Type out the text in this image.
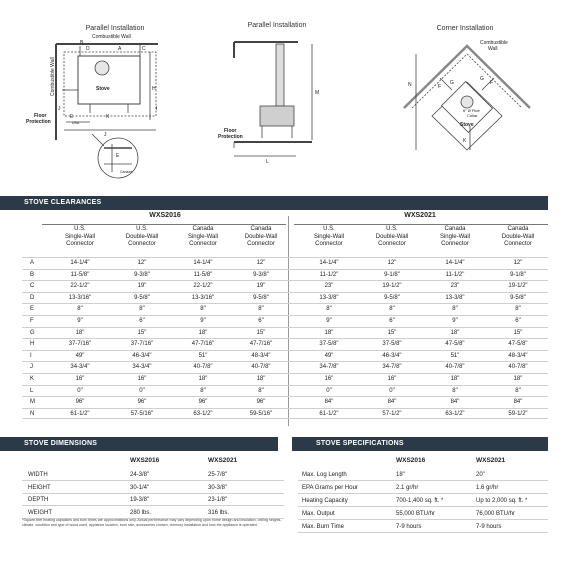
Parallel Installation	Parallel Installation	Corner Installation
Combustible Wall
B
D	A	C
H
E	K
I
J
J
E
Stove
USA
Canada
Floor
Protection
Combustible Wall	M
L
Floor
Protection
Combustible
Wall
N	F
G	F
G
K
6" Ø Flue
Collar
Stove
STOVE CLEARANCES
WXS2016	WXS2021
U.S.
Single-Wall
Connector
U.S.
Double-Wall
Connector
Canada
Single-Wall
Connector
Canada
Double-Wall
Connector
U.S.
Single-Wall
Connector
U.S.
Double-Wall
Connector
Canada
Single-Wall
Connector
Canada
Double-Wall
Connector
A	14-1/4"	12"	14-1/4"	12"	14-1/4"	12"	14-1/4"	12"
B	11-5/8"	9-3/8"	11-5/8"	9-3/8"	11-1/2"	9-1/8"	11-1/2"	9-1/8"
C	22-1/2"	19"	22-1/2"	19"	23"	19-1/2"	23"	19-1/2"
D	13-3/16"	9-5/8"	13-3/16"	9-5/8"	13-3/8"	9-5/8"	13-3/8"	9-5/8"
E	8"	8"	8"	8"	8"	8"	8"	8"
F	9"	6"	9"	6"	9"	6"	9"	6"
G	18"	15"	18"	15"	18"	15"	18"	15"
H	37-7/16"	37-7/16"	47-7/16"	47-7/16"	37-5/8"	37-5/8"	47-5/8"	47-5/8"
I	49"	46-3/4"	51"	48-3/4"	49"	46-3/4"	51"	48-3/4"
J	34-3/4"	34-3/4"	40-7/8"	40-7/8"	34-7/8"	34-7/8"	40-7/8"	40-7/8"
K	16"	16"	18"	18"	16"	16"	18"	18"
L	0"	0"	8"	8"	0"	0"	8"	8"
M	96"	96"	96"	96"	84"	84"	84"	84"
N	61-1/2"	57-5/16"	63-1/2"	59-5/16"	61-1/2"	57-1/2"	63-1/2"	59-1/2"
STOVE DIMENSIONS
WXS2016	WXS2021
WIDTH	24-3/8"	25-7/8"
HEIGHT	30-1/4"	30-3/8"
DEPTH	19-3/8"	23-1/8"
WEIGHT	280 lbs.	316 lbs.
*Square-feet heating capacities and burn times are approximations only. Actual performance may vary depending upon home design and insulation, ceiling heights, climate, condition and type of wood used, appliance location, burn rate, accessories chosen, chimney installation and how the appliance is operated.
STOVE SPECIFICATIONS
WXS2016	WXS2021
Max. Log Length	18"	20"
EPA Grams per Hour	2.1 gr/hr	1.6 gr/hr
Heating Capacity	700-1,400 sq. ft. *	Up to 2,000 sq. ft. *
Max. Output	55,000 BTU/hr	76,000 BTU/hr
Max. Burn Time	7-9 hours	7-9 hours
